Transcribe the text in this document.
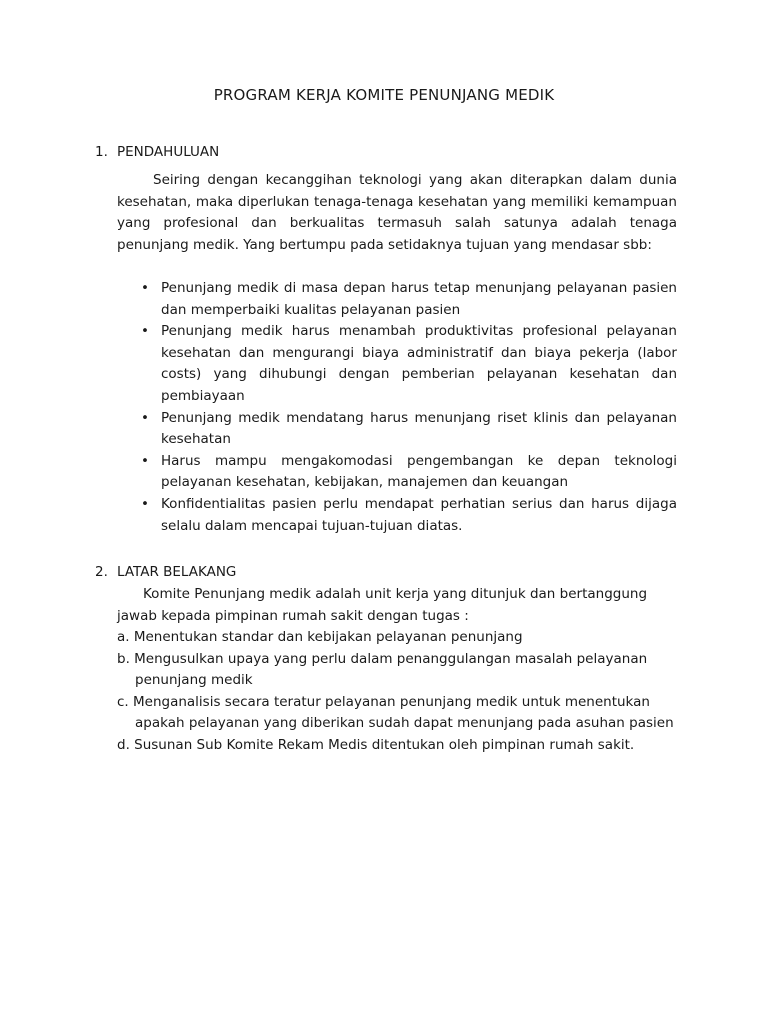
PROGRAM KERJA KOMITE PENUNJANG MEDIK
1. PENDAHULUAN

Seiring dengan kecanggihan teknologi yang akan diterapkan dalam dunia kesehatan, maka diperlukan tenaga-tenaga kesehatan yang memiliki kemampuan yang profesional dan berkualitas termasuh salah satunya adalah tenaga penunjang medik. Yang bertumpu pada setidaknya tujuan yang mendasar sbb:

• Penunjang medik di masa depan harus tetap menunjang pelayanan pasien dan memperbaiki kualitas pelayanan pasien
• Penunjang medik harus menambah produktivitas profesional pelayanan kesehatan dan mengurangi biaya administratif dan biaya pekerja (labor costs) yang dihubungi dengan pemberian pelayanan kesehatan dan pembiayaan
• Penunjang medik mendatang harus menunjang riset klinis dan pelayanan kesehatan
• Harus mampu mengakomodasi pengembangan ke depan teknologi pelayanan kesehatan, kebijakan, manajemen dan keuangan
• Konfidentialitas pasien perlu mendapat perhatian serius dan harus dijaga selalu dalam mencapai tujuan-tujuan diatas.
2. LATAR BELAKANG

Komite Penunjang medik adalah unit kerja yang ditunjuk dan bertanggung jawab kepada pimpinan rumah sakit dengan tugas :

a. Menentukan standar dan kebijakan pelayanan penunjang
b. Mengusulkan upaya yang perlu dalam penanggulangan masalah pelayanan penunjang medik
c. Menganalisis secara teratur pelayanan penunjang medik untuk menentukan apakah pelayanan yang diberikan sudah dapat menunjang pada asuhan pasien
d. Susunan Sub Komite Rekam Medis ditentukan oleh pimpinan rumah sakit.
